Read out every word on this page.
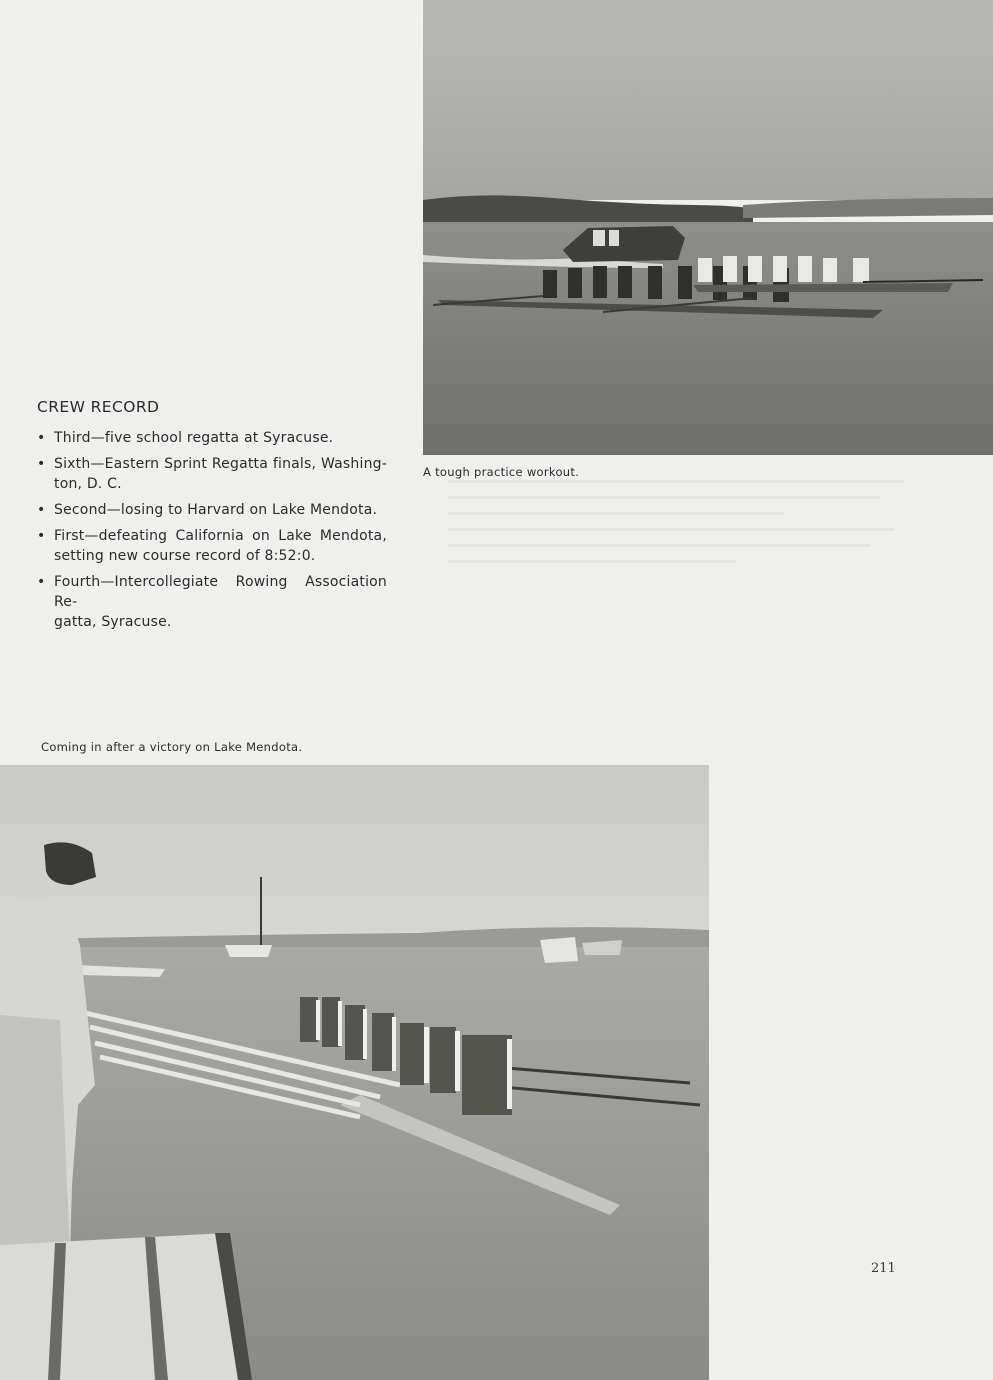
A tough practice workout.
CREW RECORD
• Third—five school regatta at Syracuse.
• Sixth—Eastern Sprint Regatta finals, Washing-
ton, D. C.
• Second—losing to Harvard on Lake Mendota.
• First—defeating California on Lake Mendota,
setting new course record of 8:52:0.
• Fourth—Intercollegiate Rowing Association Re-
gatta, Syracuse.
Coming in after a victory on Lake Mendota.
211
